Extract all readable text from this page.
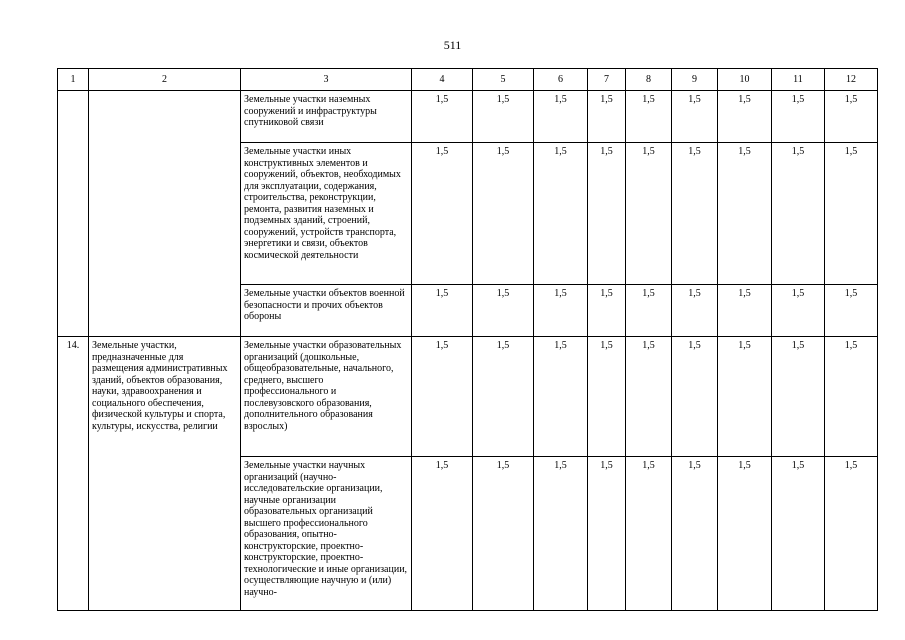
511
1	2	3	4	5	6	7	8	9	10	11	12
		Земельные участки наземных сооружений и инфраструктуры спутниковой связи	1,5	1,5	1,5	1,5	1,5	1,5	1,5	1,5	1,5
		Земельные участки иных конструктивных элементов и сооружений, объектов, необходимых для эксплуатации, содержания, строительства, реконструкции, ремонта, развития наземных и подземных зданий, строений, сооружений, устройств транспорта, энергетики и связи, объектов космической деятельности	1,5	1,5	1,5	1,5	1,5	1,5	1,5	1,5	1,5
		Земельные участки объектов военной безопасности и прочих объектов обороны	1,5	1,5	1,5	1,5	1,5	1,5	1,5	1,5	1,5
14.	Земельные участки, предназначенные для размещения административных зданий, объектов образования, науки, здравоохранения и социального обеспечения, физической культуры и спорта, культуры, искусства, религии	Земельные участки образовательных организаций (дошкольные, общеобразовательные, начального, среднего, высшего профессионального и послевузовского образования, дополнительного образования взрослых)	1,5	1,5	1,5	1,5	1,5	1,5	1,5	1,5	1,5
		Земельные участки научных организаций (научно-исследовательские организации, научные организации образовательных организаций высшего профессионального образования, опытно-конструкторские, проектно-конструкторские, проектно-технологические и иные организации, осуществляющие научную и (или) научно-	1,5	1,5	1,5	1,5	1,5	1,5	1,5	1,5	1,5
